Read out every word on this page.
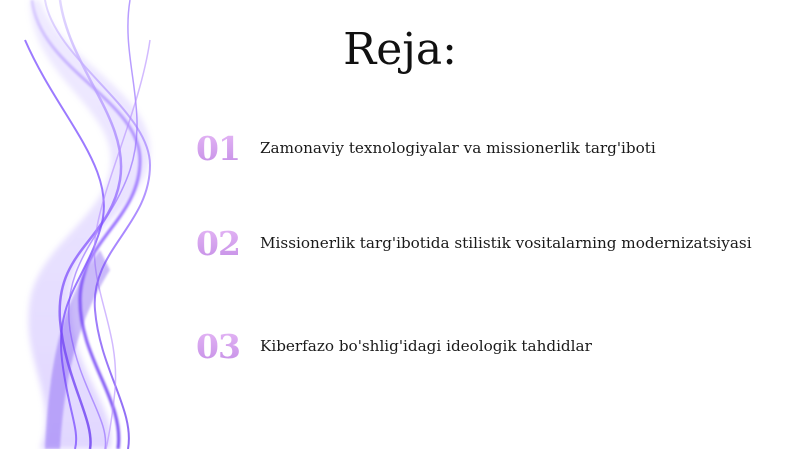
Reja:
01	Zamonaviy texnologiyalar va missionerlik targ'iboti
02	Missionerlik targ'ibotida stilistik vositalarning modernizatsiyasi
03	Kiberfazo bo'shlig'idagi ideologik tahdidlar
